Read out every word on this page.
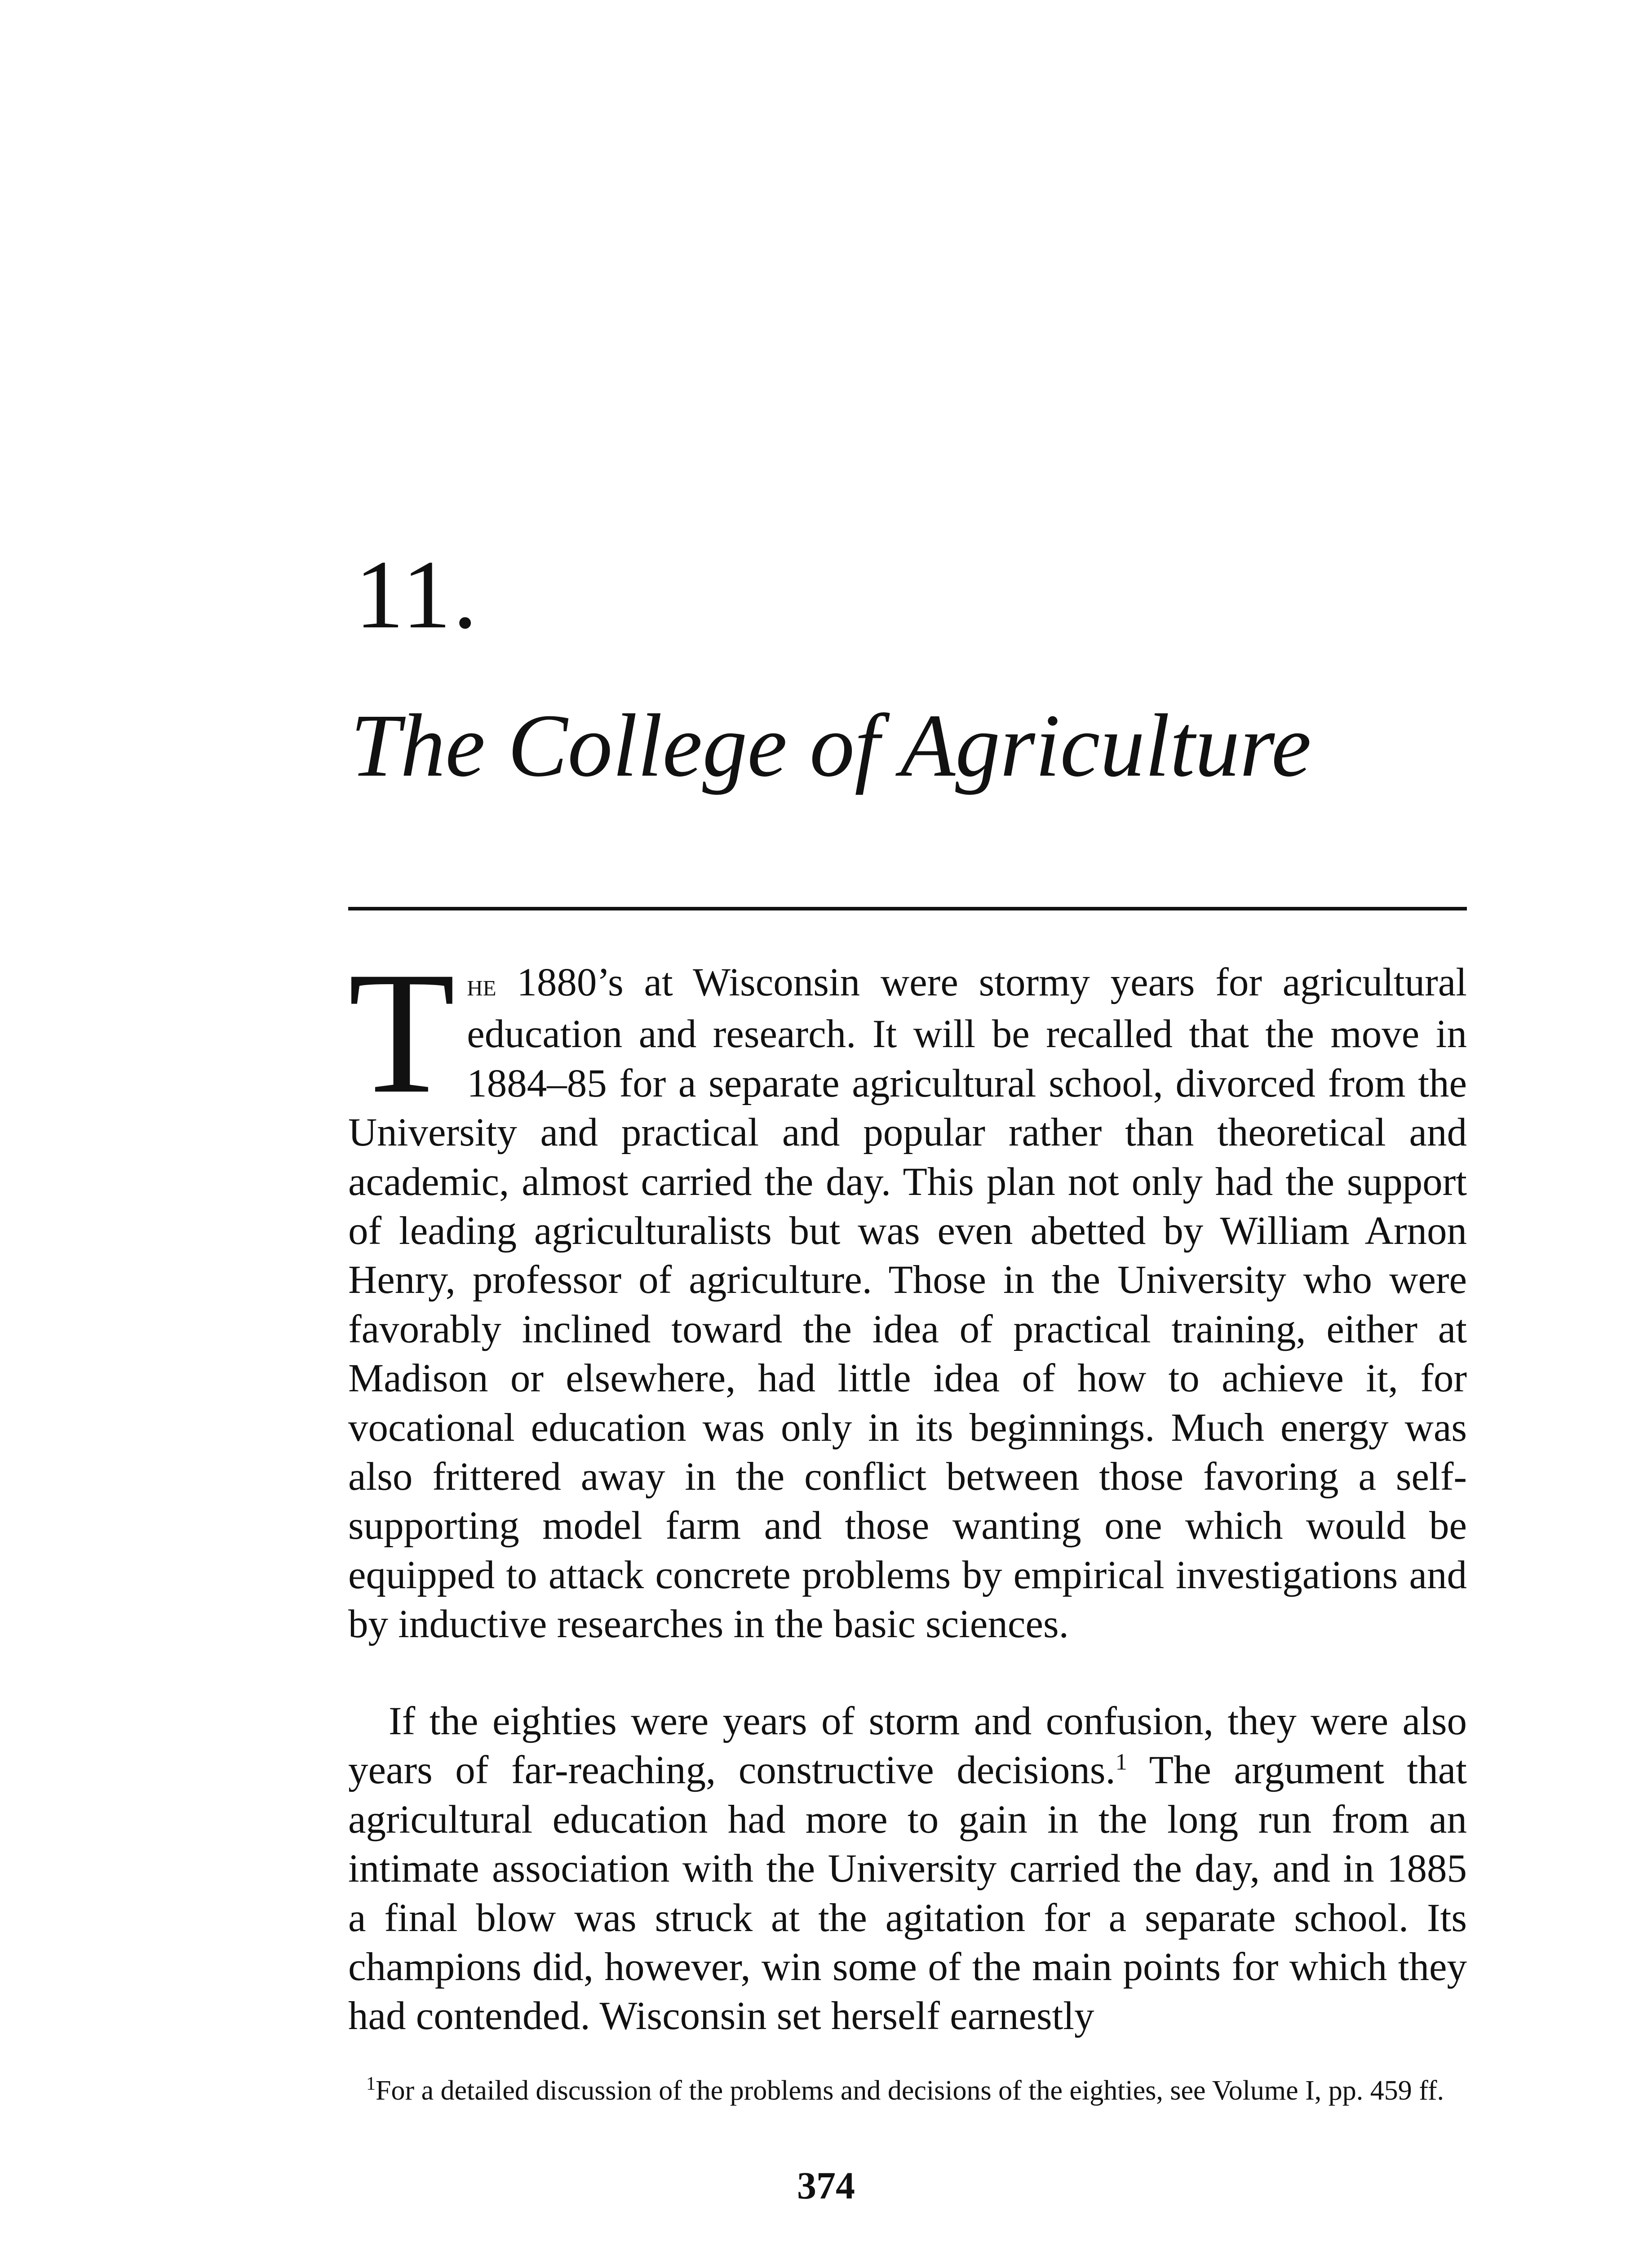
11.
The College of Agriculture
The 1880’s at Wisconsin were stormy years for agricultural education and research. It will be recalled that the move in 1884–85 for a separate agricultural school, divorced from the University and practical and popular rather than theoretical and academic, almost carried the day. This plan not only had the support of leading agriculturalists but was even abetted by William Arnon Henry, professor of agriculture. Those in the University who were favorably inclined toward the idea of practical training, either at Madison or elsewhere, had little idea of how to achieve it, for vocational education was only in its beginnings. Much energy was also frittered away in the conflict between those favoring a self-supporting model farm and those wanting one which would be equipped to attack concrete problems by empirical investigations and by inductive researches in the basic sciences.
If the eighties were years of storm and confusion, they were also years of far-reaching, constructive decisions.$^1$ The argument that agricultural education had more to gain in the long run from an intimate association with the University carried the day, and in 1885 a final blow was struck at the agitation for a separate school. Its champions did, however, win some of the main points for which they had contended. Wisconsin set herself earnestly
$^1$For a detailed discussion of the problems and decisions of the eighties, see Volume I, pp. 459 ff.
374
